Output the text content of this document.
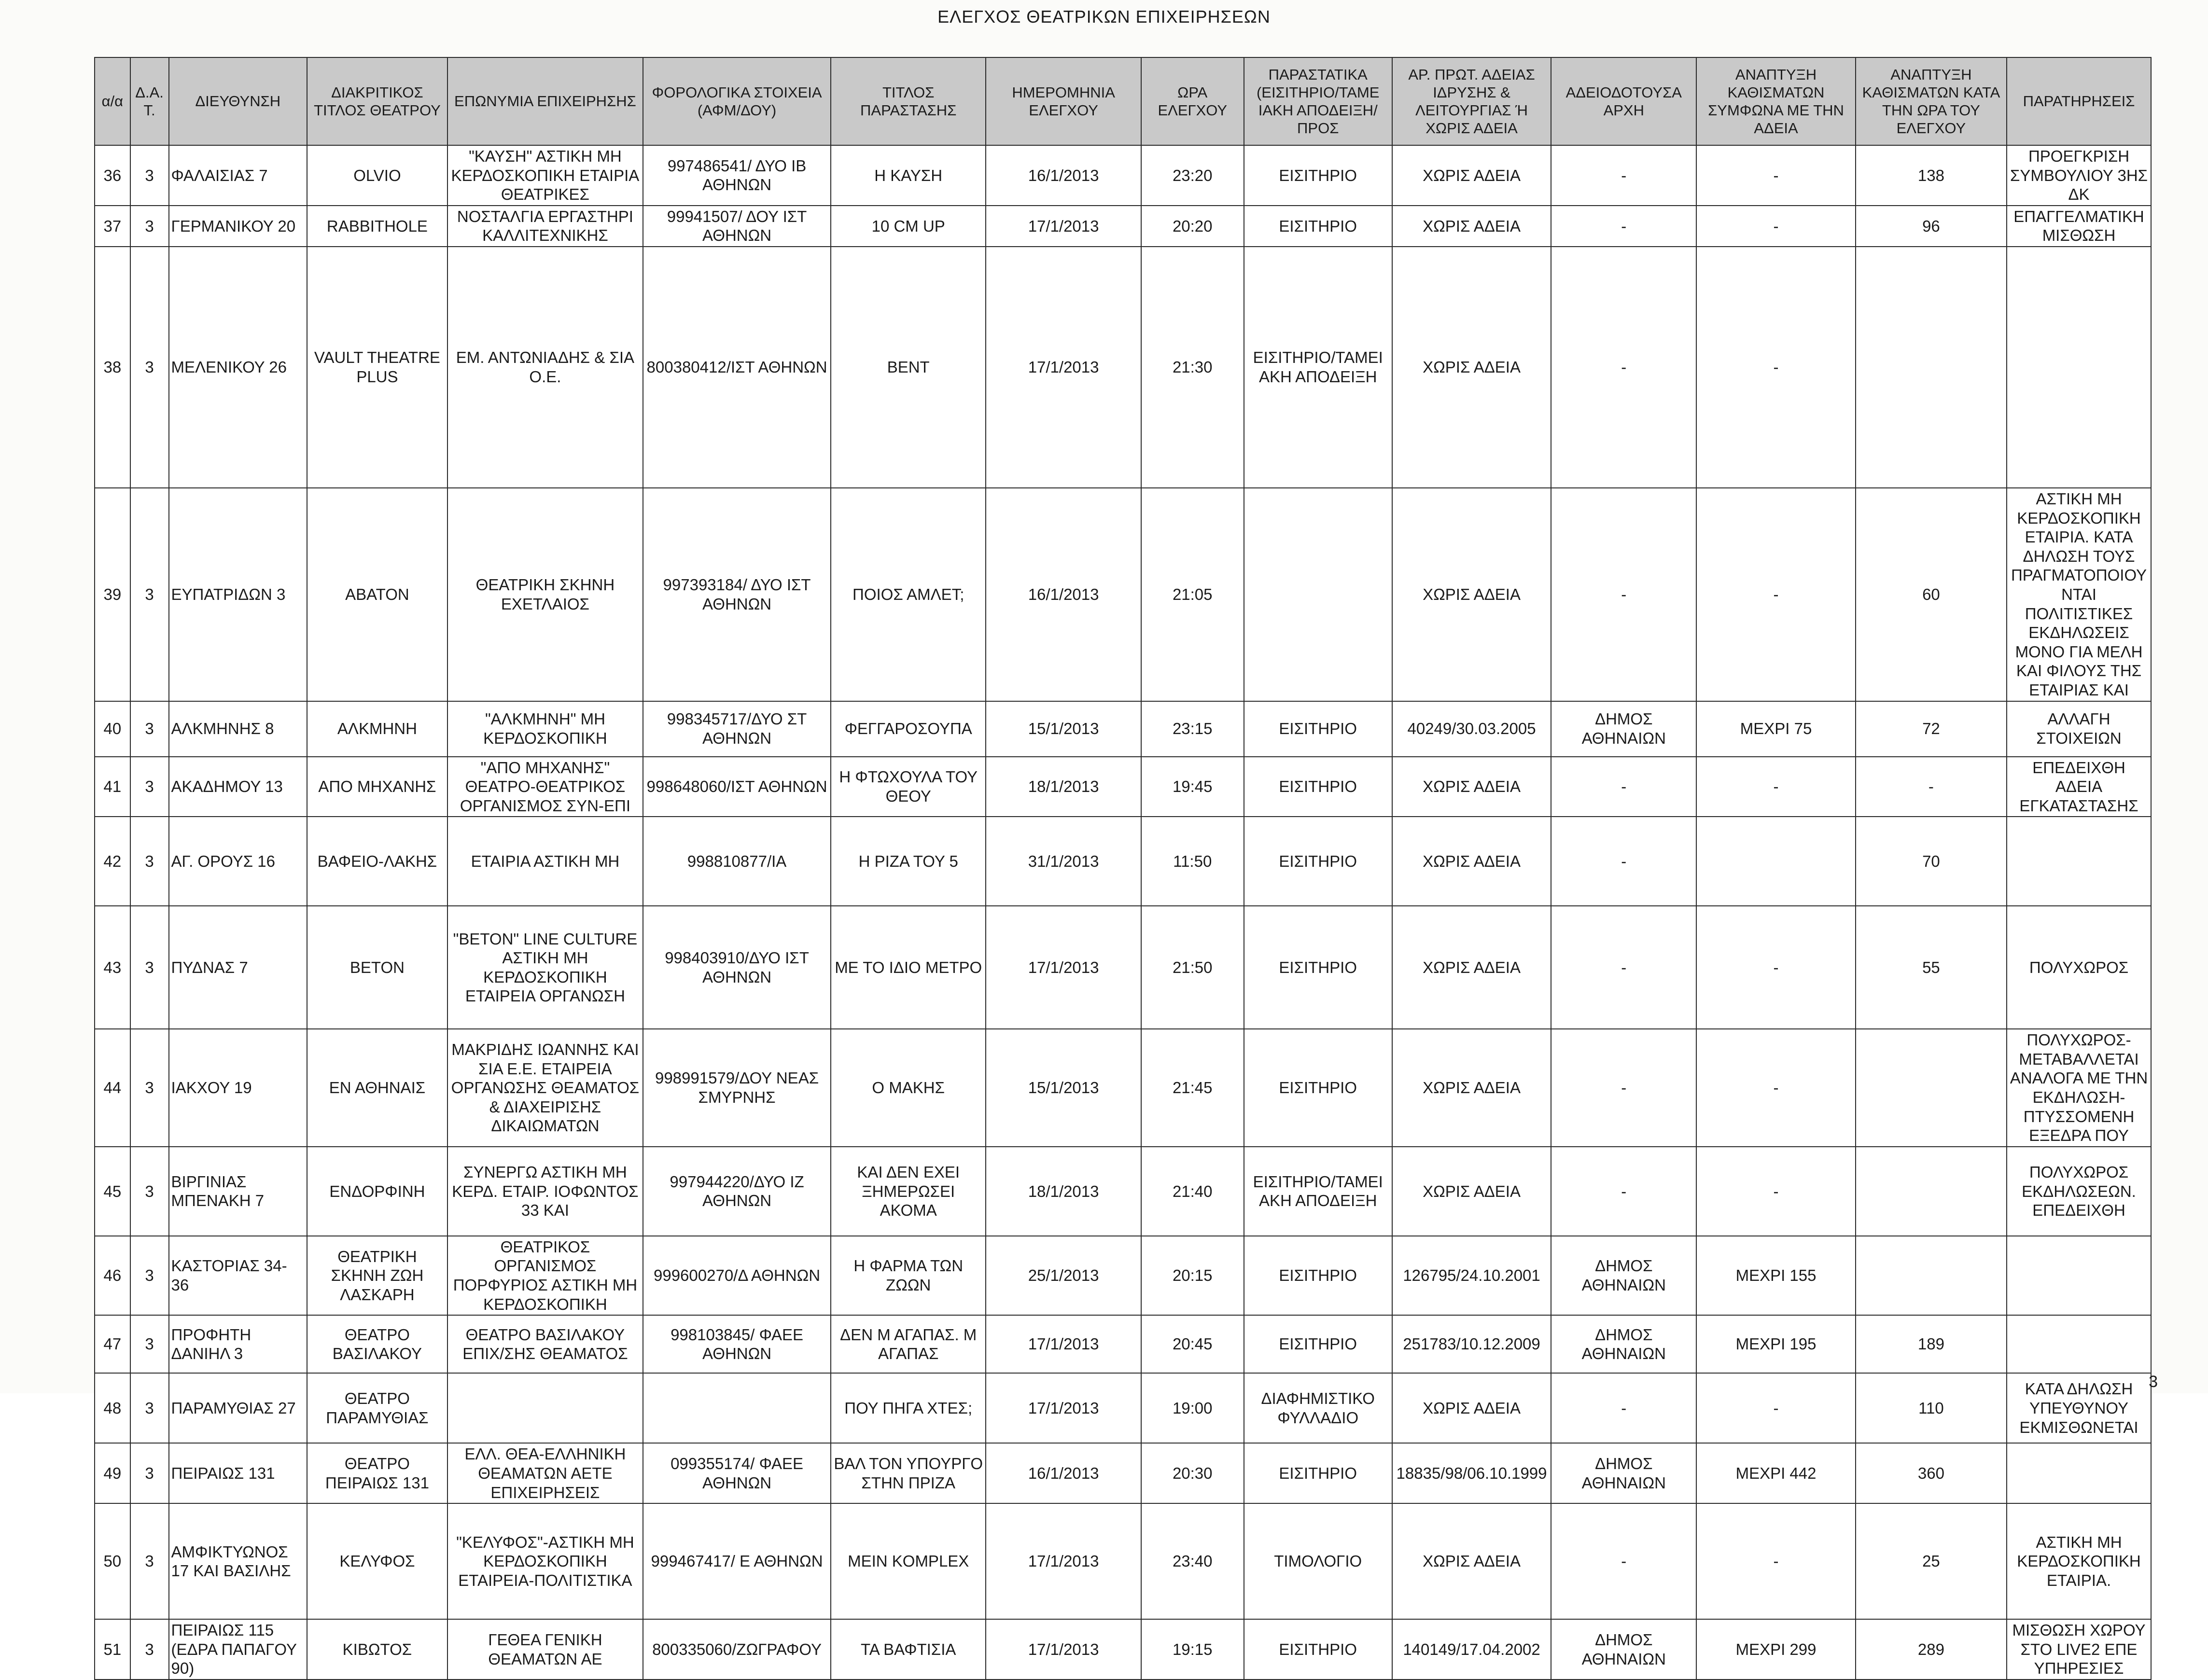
ΕΛΕΓΧΟΣ ΘΕΑΤΡΙΚΩΝ ΕΠΙΧΕΙΡΗΣΕΩΝ
α/α	Δ.Α.Τ.	ΔΙΕΥΘΥΝΣΗ	ΔΙΑΚΡΙΤΙΚΟΣ ΤΙΤΛΟΣ ΘΕΑΤΡΟΥ	ΕΠΩΝΥΜΙΑ ΕΠΙΧΕΙΡΗΣΗΣ	ΦΟΡΟΛΟΓΙΚΑ ΣΤΟΙΧΕΙΑ (ΑΦΜ/ΔΟΥ)	ΤΙΤΛΟΣ ΠΑΡΑΣΤΑΣΗΣ	ΗΜΕΡΟΜΗΝΙΑ ΕΛΕΓΧΟΥ	ΩΡΑ ΕΛΕΓΧΟΥ	ΠΑΡΑΣΤΑΤΙΚΑ (ΕΙΣΙΤΗΡΙΟ/ΤΑΜΕ ΙΑΚΗ ΑΠΟΔΕΙΞΗ/ΠΡΟΣ	ΑΡ. ΠΡΩΤ. ΑΔΕΙΑΣ ΙΔΡΥΣΗΣ & ΛΕΙΤΟΥΡΓΙΑΣ Ή ΧΩΡΙΣ ΑΔΕΙΑ	ΑΔΕΙΟΔΟΤΟΥΣΑ ΑΡΧΗ	ΑΝΑΠΤΥΞΗ ΚΑΘΙΣΜΑΤΩΝ ΣΥΜΦΩΝΑ ΜΕ ΤΗΝ ΑΔΕΙΑ	ΑΝΑΠΤΥΞΗ ΚΑΘΙΣΜΑΤΩΝ ΚΑΤΑ ΤΗΝ ΩΡΑ ΤΟΥ ΕΛΕΓΧΟΥ	ΠΑΡΑΤΗΡΗΣΕΙΣ
36	3	ΦΑΛΑΙΣΙΑΣ 7	OLVIO	"ΚΑΥΣΗ" ΑΣΤΙΚΗ ΜΗ ΚΕΡΔΟΣΚΟΠΙΚΗ ΕΤΑΙΡΙΑ ΘΕΑΤΡΙΚΕΣ	997486541/ ΔΥΟ ΙΒ ΑΘΗΝΩΝ	Η ΚΑΥΣΗ	16/1/2013	23:20	ΕΙΣΙΤΗΡΙΟ	ΧΩΡΙΣ ΑΔΕΙΑ	-	-	138	ΠΡΟΕΓΚΡΙΣΗ ΣΥΜΒΟΥΛΙΟΥ 3ΗΣ ΔΚ
37	3	ΓΕΡΜΑΝΙΚΟΥ 20	RABBITHOLE	ΝΟΣΤΑΛΓΙΑ ΕΡΓΑΣΤΗΡΙ ΚΑΛΛΙΤΕΧΝΙΚΗΣ	99941507/ ΔΟΥ ΙΣΤ ΑΘΗΝΩΝ	10 CM UP	17/1/2013	20:20	ΕΙΣΙΤΗΡΙΟ	ΧΩΡΙΣ ΑΔΕΙΑ	-	-	96	ΕΠΑΓΓΕΛΜΑΤΙΚΗ ΜΙΣΘΩΣΗ
38	3	ΜΕΛΕΝΙΚΟΥ 26	VAULT THEATRE PLUS	ΕΜ. ΑΝΤΩΝΙΑΔΗΣ & ΣΙΑ Ο.Ε.	800380412/ΙΣΤ ΑΘΗΝΩΝ	ΒΕΝΤ	17/1/2013	21:30	ΕΙΣΙΤΗΡΙΟ/ΤΑΜΕΙ ΑΚΗ ΑΠΟΔΕΙΞΗ	ΧΩΡΙΣ ΑΔΕΙΑ	-	-		
39	3	ΕΥΠΑΤΡΙΔΩΝ 3	ΑΒΑΤΟΝ	ΘΕΑΤΡΙΚΗ ΣΚΗΝΗ ΕΧΕΤΛΑΙΟΣ	997393184/ ΔΥΟ ΙΣΤ ΑΘΗΝΩΝ	ΠΟΙΟΣ ΑΜΛΕΤ;	16/1/2013	21:05		ΧΩΡΙΣ ΑΔΕΙΑ	-	-	60	ΑΣΤΙΚΗ ΜΗ ΚΕΡΔΟΣΚΟΠΙΚΗ ΕΤΑΙΡΙΑ. ΚΑΤΑ ΔΗΛΩΣΗ ΤΟΥΣ ΠΡΑΓΜΑΤΟΠΟΙΟΥΝΤΑΙ ΠΟΛΙΤΙΣΤΙΚΕΣ ΕΚΔΗΛΩΣΕΙΣ ΜΟΝΟ ΓΙΑ ΜΕΛΗ ΚΑΙ ΦΙΛΟΥΣ ΤΗΣ ΕΤΑΙΡΙΑΣ ΚΑΙ
40	3	ΑΛΚΜΗΝΗΣ 8	ΑΛΚΜΗΝΗ	"ΑΛΚΜΗΝΗ" ΜΗ ΚΕΡΔΟΣΚΟΠΙΚΗ	998345717/ΔΥΟ ΣΤ ΑΘΗΝΩΝ	ΦΕΓΓΑΡΟΣΟΥΠΑ	15/1/2013	23:15	ΕΙΣΙΤΗΡΙΟ	40249/30.03.2005	ΔΗΜΟΣ ΑΘΗΝΑΙΩΝ	ΜΕΧΡΙ 75	72	ΑΛΛΑΓΗ ΣΤΟΙΧΕΙΩΝ
41	3	ΑΚΑΔΗΜΟΥ 13	ΑΠΟ ΜΗΧΑΝΗΣ	"ΑΠΟ ΜΗΧΑΝΗΣ" ΘΕΑΤΡΟ-ΘΕΑΤΡΙΚΟΣ ΟΡΓΑΝΙΣΜΟΣ ΣΥΝ-ΕΠΙ	998648060/ΙΣΤ ΑΘΗΝΩΝ	Η ΦΤΩΧΟΥΛΑ ΤΟΥ ΘΕΟΥ	18/1/2013	19:45	ΕΙΣΙΤΗΡΙΟ	ΧΩΡΙΣ ΑΔΕΙΑ	-	-	-	ΕΠΕΔΕΙΧΘΗ ΑΔΕΙΑ ΕΓΚΑΤΑΣΤΑΣΗΣ
42	3	ΑΓ. ΟΡΟΥΣ 16	ΒΑΦΕΙΟ-ΛΑΚΗΣ	ΕΤΑΙΡΙΑ ΑΣΤΙΚΗ ΜΗ	998810877/ΙΑ	Η ΡΙΖΑ ΤΟΥ 5	31/1/2013	11:50	ΕΙΣΙΤΗΡΙΟ	ΧΩΡΙΣ ΑΔΕΙΑ	-		70	
43	3	ΠΥΔΝΑΣ 7	ΒΕΤΟΝ	"BETON" LINE CULTURE ΑΣΤΙΚΗ ΜΗ ΚΕΡΔΟΣΚΟΠΙΚΗ ΕΤΑΙΡΕΙΑ ΟΡΓΑΝΩΣΗ	998403910/ΔΥΟ ΙΣΤ ΑΘΗΝΩΝ	ΜΕ ΤΟ ΙΔΙΟ ΜΕΤΡΟ	17/1/2013	21:50	ΕΙΣΙΤΗΡΙΟ	ΧΩΡΙΣ ΑΔΕΙΑ	-	-	55	ΠΟΛΥΧΩΡΟΣ
44	3	ΙΑΚΧΟΥ 19	ΕΝ ΑΘΗΝΑΙΣ	ΜΑΚΡΙΔΗΣ ΙΩΑΝΝΗΣ ΚΑΙ ΣΙΑ Ε.Ε. ΕΤΑΙΡΕΙΑ ΟΡΓΑΝΩΣΗΣ ΘΕΑΜΑΤΟΣ & ΔΙΑΧΕΙΡΙΣΗΣ ΔΙΚΑΙΩΜΑΤΩΝ	998991579/ΔΟΥ ΝΕΑΣ ΣΜΥΡΝΗΣ	Ο ΜΑΚΗΣ	15/1/2013	21:45	ΕΙΣΙΤΗΡΙΟ	ΧΩΡΙΣ ΑΔΕΙΑ	-	-		ΠΟΛΥΧΩΡΟΣ-ΜΕΤΑΒΑΛΛΕΤΑΙ ΑΝΑΛΟΓΑ ΜΕ ΤΗΝ ΕΚΔΗΛΩΣΗ-ΠΤΥΣΣΟΜΕΝΗ ΕΞΕΔΡΑ ΠΟΥ
45	3	ΒΙΡΓΙΝΙΑΣ ΜΠΕΝΑΚΗ 7	ΕΝΔΟΡΦΙΝΗ	ΣΥΝΕΡΓΩ ΑΣΤΙΚΗ ΜΗ ΚΕΡΔ. ΕΤΑΙΡ. ΙΟΦΩΝΤΟΣ 33 ΚΑΙ	997944220/ΔΥΟ ΙΖ ΑΘΗΝΩΝ	ΚΑΙ ΔΕΝ ΕΧΕΙ ΞΗΜΕΡΩΣΕΙ ΑΚΟΜΑ	18/1/2013	21:40	ΕΙΣΙΤΗΡΙΟ/ΤΑΜΕΙ ΑΚΗ ΑΠΟΔΕΙΞΗ	ΧΩΡΙΣ ΑΔΕΙΑ	-	-		ΠΟΛΥΧΩΡΟΣ ΕΚΔΗΛΩΣΕΩΝ. ΕΠΕΔΕΙΧΘΗ
46	3	ΚΑΣΤΟΡΙΑΣ 34-36	ΘΕΑΤΡΙΚΗ ΣΚΗΝΗ ΖΩΗ ΛΑΣΚΑΡΗ	ΘΕΑΤΡΙΚΟΣ ΟΡΓΑΝΙΣΜΟΣ ΠΟΡΦΥΡΙΟΣ ΑΣΤΙΚΗ ΜΗ ΚΕΡΔΟΣΚΟΠΙΚΗ	999600270/Δ ΑΘΗΝΩΝ	Η ΦΑΡΜΑ ΤΩΝ ΖΩΩΝ	25/1/2013	20:15	ΕΙΣΙΤΗΡΙΟ	126795/24.10.2001	ΔΗΜΟΣ ΑΘΗΝΑΙΩΝ	ΜΕΧΡΙ 155		
47	3	ΠΡΟΦΗΤΗ ΔΑΝΙΗΛ 3	ΘΕΑΤΡΟ ΒΑΣΙΛΑΚΟΥ	ΘΕΑΤΡΟ ΒΑΣΙΛΑΚΟΥ ΕΠΙΧ/ΣΗΣ ΘΕΑΜΑΤΟΣ	998103845/ ΦΑΕΕ ΑΘΗΝΩΝ	ΔΕΝ Μ ΑΓΑΠΑΣ. Μ ΑΓΑΠΑΣ	17/1/2013	20:45	ΕΙΣΙΤΗΡΙΟ	251783/10.12.2009	ΔΗΜΟΣ ΑΘΗΝΑΙΩΝ	ΜΕΧΡΙ 195	189	
48	3	ΠΑΡΑΜΥΘΙΑΣ 27	ΘΕΑΤΡΟ ΠΑΡΑΜΥΘΙΑΣ			ΠΟΥ ΠΗΓΑ ΧΤΕΣ;	17/1/2013	19:00	ΔΙΑΦΗΜΙΣΤΙΚΟ ΦΥΛΛΑΔΙΟ	ΧΩΡΙΣ ΑΔΕΙΑ	-	-	110	ΚΑΤΑ ΔΗΛΩΣΗ ΥΠΕΥΘΥΝΟΥ ΕΚΜΙΣΘΩΝΕΤΑΙ
49	3	ΠΕΙΡΑΙΩΣ 131	ΘΕΑΤΡΟ ΠΕΙΡΑΙΩΣ 131	ΕΛΛ. ΘΕΑ-ΕΛΛΗΝΙΚΗ ΘΕΑΜΑΤΩΝ ΑΕΤΕ ΕΠΙΧΕΙΡΗΣΕΙΣ	099355174/ ΦΑΕΕ ΑΘΗΝΩΝ	ΒΑΛ ΤΟΝ ΥΠΟΥΡΓΟ ΣΤΗΝ ΠΡΙΖΑ	16/1/2013	20:30	ΕΙΣΙΤΗΡΙΟ	18835/98/06.10.1999	ΔΗΜΟΣ ΑΘΗΝΑΙΩΝ	ΜΕΧΡΙ 442	360	
50	3	ΑΜΦΙΚΤΥΩΝΟΣ 17 ΚΑΙ ΒΑΣΙΛΗΣ	ΚΕΛΥΦΟΣ	"ΚΕΛΥΦΟΣ"-ΑΣΤΙΚΗ ΜΗ ΚΕΡΔΟΣΚΟΠΙΚΗ ΕΤΑΙΡΕΙΑ-ΠΟΛΙΤΙΣΤΙΚΑ	999467417/ Ε ΑΘΗΝΩΝ	MEIN KOMPLEX	17/1/2013	23:40	ΤΙΜΟΛΟΓΙΟ	ΧΩΡΙΣ ΑΔΕΙΑ	-	-	25	ΑΣΤΙΚΗ ΜΗ ΚΕΡΔΟΣΚΟΠΙΚΗ ΕΤΑΙΡΙΑ.
51	3	ΠΕΙΡΑΙΩΣ 115 (ΕΔΡΑ ΠΑΠΑΓΟΥ 90)	ΚΙΒΩΤΟΣ	ΓΕΘΕΑ ΓΕΝΙΚΗ ΘΕΑΜΑΤΩΝ ΑΕ	800335060/ΖΩΓΡΑΦΟΥ	ΤΑ ΒΑΦΤΙΣΙΑ	17/1/2013	19:15	ΕΙΣΙΤΗΡΙΟ	140149/17.04.2002	ΔΗΜΟΣ ΑΘΗΝΑΙΩΝ	ΜΕΧΡΙ 299	289	ΜΙΣΘΩΣΗ ΧΩΡΟΥ ΣΤΟ LIVE2 ΕΠΕ ΥΠΗΡΕΣΙΕΣ
3
